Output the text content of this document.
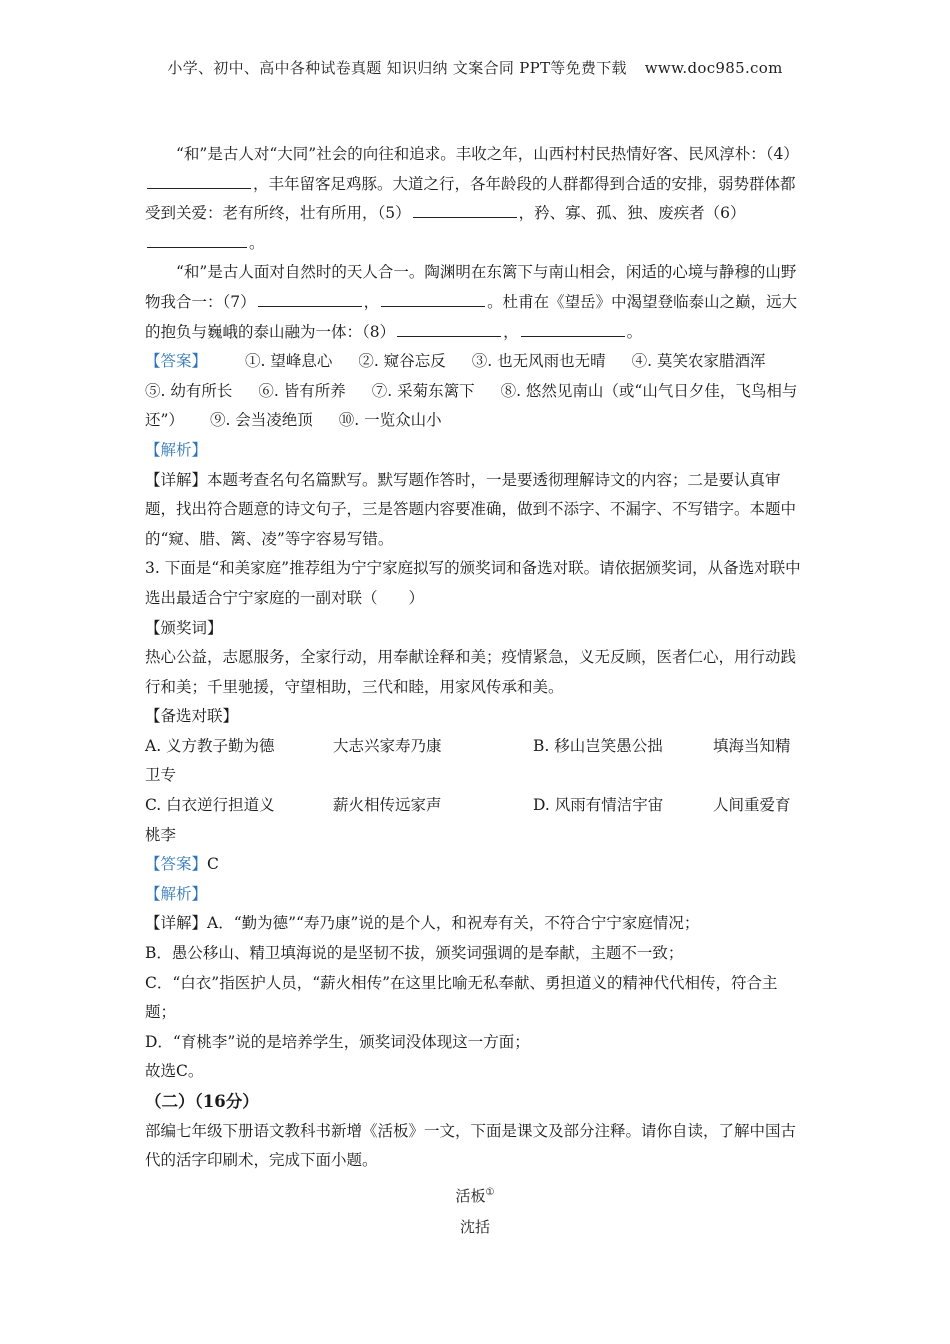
小学、初中、高中各种试卷真题 知识归纳 文案合同 PPT等免费下载 www.doc985.com

“和”是古人对“大同”社会的向往和追求。丰收之年，山西村村民热情好客、民风淳朴：（4），丰年留客足鸡豚。大道之行，各年龄段的人群都得到合适的安排，弱势群体都受到关爱：老有所终，壮有所用，（5）	，矜、寡、孤、独、废疾者（6）。

“和”是古人面对自然时的天人合一。陶渊明在东篱下与南山相会，闲适的心境与静穆的山野物我合一：（7）	，	。杜甫在《望岳》中渴望登临泰山之巅，远大的抱负与巍峨的泰山融为一体：（8）	，	。

【答案】 ①. 望峰息心 ②. 窥谷忘反 ③. 也无风雨也无晴 ④. 莫笑农家腊酒浑
⑤. 幼有所长 ⑥. 皆有所养 ⑦. 采菊东篱下 ⑧. 悠然见南山（或“山气日夕佳，飞鸟相与还”） ⑨. 会当凌绝顶 ⑩. 一览众山小

【解析】

【详解】本题考查名句名篇默写。默写题作答时，一是要透彻理解诗文的内容；二是要认真审题，找出符合题意的诗文句子，三是答题内容要准确，做到不添字、不漏字、不写错字。本题中的“窥、腊、篱、凌”等字容易写错。

3. 下面是“和美家庭”推荐组为宁宁家庭拟写的颁奖词和备选对联。请依据颁奖词，从备选对联中选出最适合宁宁家庭的一副对联（　　）

【颁奖词】

热心公益，志愿服务，全家行动，用奉献诠释和美；疫情紧急，义无反顾，医者仁心，用行动践行和美；千里驰援，守望相助，三代和睦，用家风传承和美。

【备选对联】

A. 义方教子勤为德	大志兴家寿乃康	B. 移山岂笑愚公拙	填海当知精

卫专

C. 白衣逆行担道义	薪火相传远家声	D. 风雨有情洁宇宙	人间重爱育

桃李

【答案】C

【解析】

【详解】A．“勤为德”“寿乃康”说的是个人，和祝寿有关，不符合宁宁家庭情况；

B．愚公移山、精卫填海说的是坚韧不拔，颁奖词强调的是奉献，主题不一致；

C．“白衣”指医护人员，“薪火相传”在这里比喻无私奉献、勇担道义的精神代代相传，符合主题；

D．“育桃李”说的是培养学生，颁奖词没体现这一方面；

故选C。

（二）（16分）

部编七年级下册语文教科书新增《活板》一文，下面是课文及部分注释。请你自读，了解中国古代的活字印刷术，完成下面小题。

活板①

沈括
